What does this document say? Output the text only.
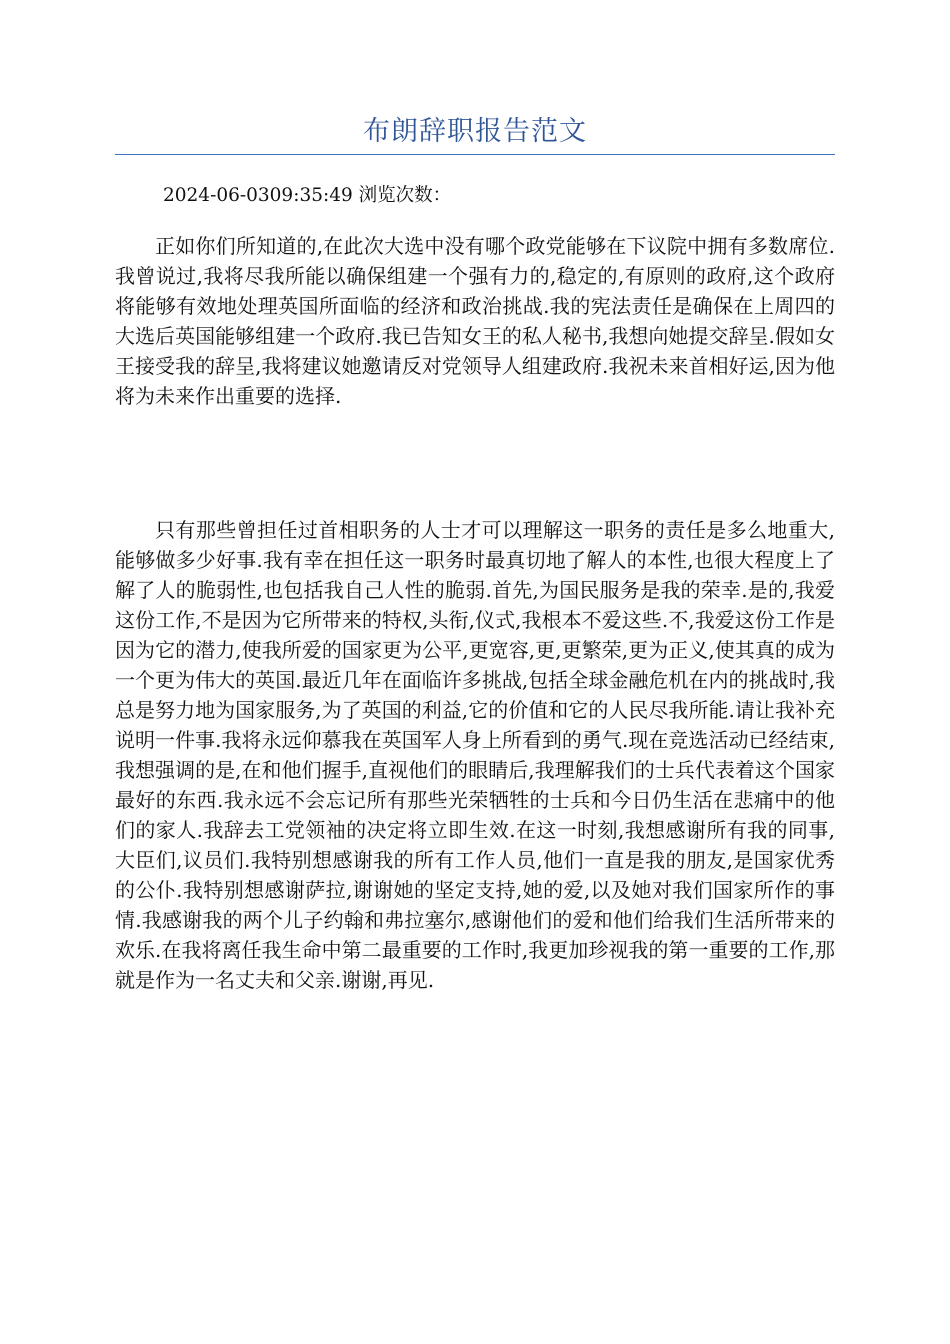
布朗辞职报告范文
2024-06-0309:35:49 浏览次数：

正如你们所知道的,在此次大选中没有哪个政党能够在下议院中拥有多数席位.我曾说过,我将尽我所能以确保组建一个强有力的,稳定的,有原则的政府,这个政府将能够有效地处理英国所面临的经济和政治挑战.我的宪法责任是确保在上周四的大选后英国能够组建一个政府.我已告知女王的私人秘书,我想向她提交辞呈.假如女王接受我的辞呈,我将建议她邀请反对党领导人组建政府.我祝未来首相好运,因为他将为未来作出重要的选择.

只有那些曾担任过首相职务的人士才可以理解这一职务的责任是多么地重大,能够做多少好事.我有幸在担任这一职务时最真切地了解人的本性,也很大程度上了解了人的脆弱性,也包括我自己人性的脆弱.首先,为国民服务是我的荣幸.是的,我爱这份工作,不是因为它所带来的特权,头衔,仪式,我根本不爱这些.不,我爱这份工作是因为它的潜力,使我所爱的国家更为公平,更宽容,更,更繁荣,更为正义,使其真的成为一个更为伟大的英国.最近几年在面临许多挑战,包括全球金融危机在内的挑战时,我总是努力地为国家服务,为了英国的利益,它的价值和它的人民尽我所能.请让我补充说明一件事.我将永远仰慕我在英国军人身上所看到的勇气.现在竞选活动已经结束,我想强调的是,在和他们握手,直视他们的眼睛后,我理解我们的士兵代表着这个国家最好的东西.我永远不会忘记所有那些光荣牺牲的士兵和今日仍生活在悲痛中的他们的家人.我辞去工党领袖的决定将立即生效.在这一时刻,我想感谢所有我的同事,大臣们,议员们.我特别想感谢我的所有工作人员,他们一直是我的朋友,是国家优秀的公仆.我特别想感谢萨拉,谢谢她的坚定支持,她的爱,以及她对我们国家所作的事情.我感谢我的两个儿子约翰和弗拉塞尔,感谢他们的爱和他们给我们生活所带来的欢乐.在我将离任我生命中第二最重要的工作时,我更加珍视我的第一重要的工作,那就是作为一名丈夫和父亲.谢谢,再见.
